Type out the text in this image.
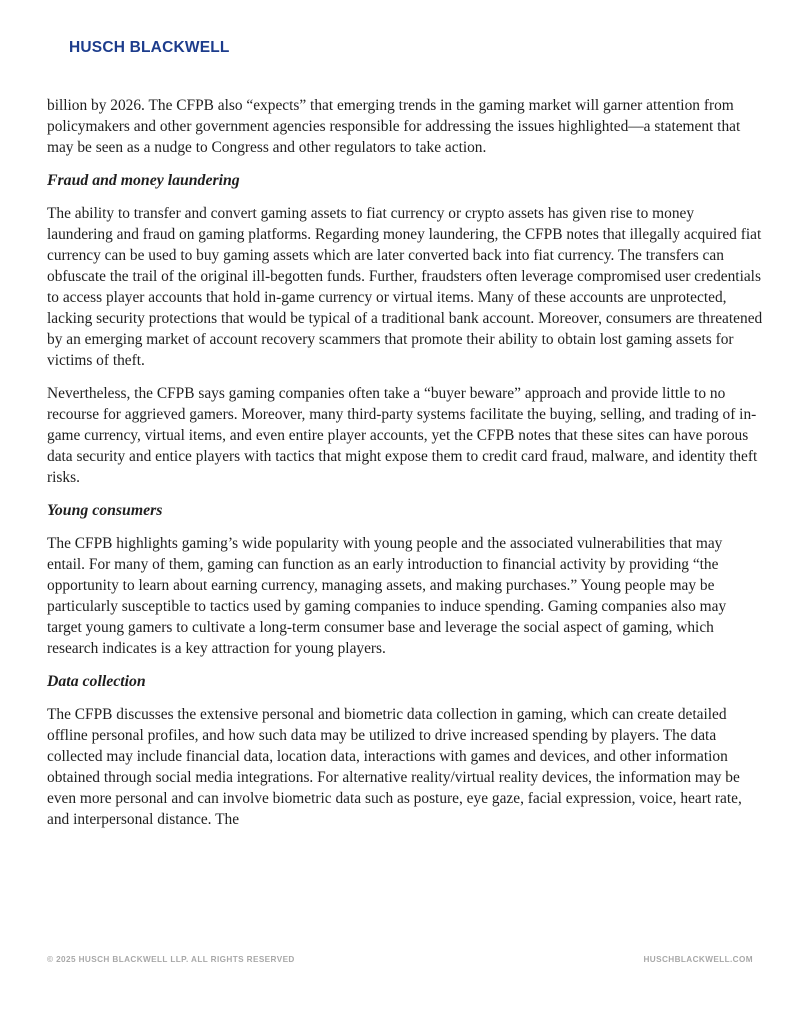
HUSCH BLACKWELL

billion by 2026. The CFPB also “expects” that emerging trends in the gaming market will garner attention from policymakers and other government agencies responsible for addressing the issues highlighted—a statement that may be seen as a nudge to Congress and other regulators to take action.

Fraud and money laundering

The ability to transfer and convert gaming assets to fiat currency or crypto assets has given rise to money laundering and fraud on gaming platforms. Regarding money laundering, the CFPB notes that illegally acquired fiat currency can be used to buy gaming assets which are later converted back into fiat currency. The transfers can obfuscate the trail of the original ill-begotten funds. Further, fraudsters often leverage compromised user credentials to access player accounts that hold in-game currency or virtual items. Many of these accounts are unprotected, lacking security protections that would be typical of a traditional bank account. Moreover, consumers are threatened by an emerging market of account recovery scammers that promote their ability to obtain lost gaming assets for victims of theft.

Nevertheless, the CFPB says gaming companies often take a “buyer beware” approach and provide little to no recourse for aggrieved gamers. Moreover, many third-party systems facilitate the buying, selling, and trading of in-game currency, virtual items, and even entire player accounts, yet the CFPB notes that these sites can have porous data security and entice players with tactics that might expose them to credit card fraud, malware, and identity theft risks.

Young consumers

The CFPB highlights gaming’s wide popularity with young people and the associated vulnerabilities that may entail. For many of them, gaming can function as an early introduction to financial activity by providing “the opportunity to learn about earning currency, managing assets, and making purchases.” Young people may be particularly susceptible to tactics used by gaming companies to induce spending. Gaming companies also may target young gamers to cultivate a long-term consumer base and leverage the social aspect of gaming, which research indicates is a key attraction for young players.

Data collection

The CFPB discusses the extensive personal and biometric data collection in gaming, which can create detailed offline personal profiles, and how such data may be utilized to drive increased spending by players. The data collected may include financial data, location data, interactions with games and devices, and other information obtained through social media integrations. For alternative reality/virtual reality devices, the information may be even more personal and can involve biometric data such as posture, eye gaze, facial expression, voice, heart rate, and interpersonal distance. The

© 2025 HUSCH BLACKWELL LLP. ALL RIGHTS RESERVED	HUSCHBLACKWELL.COM
